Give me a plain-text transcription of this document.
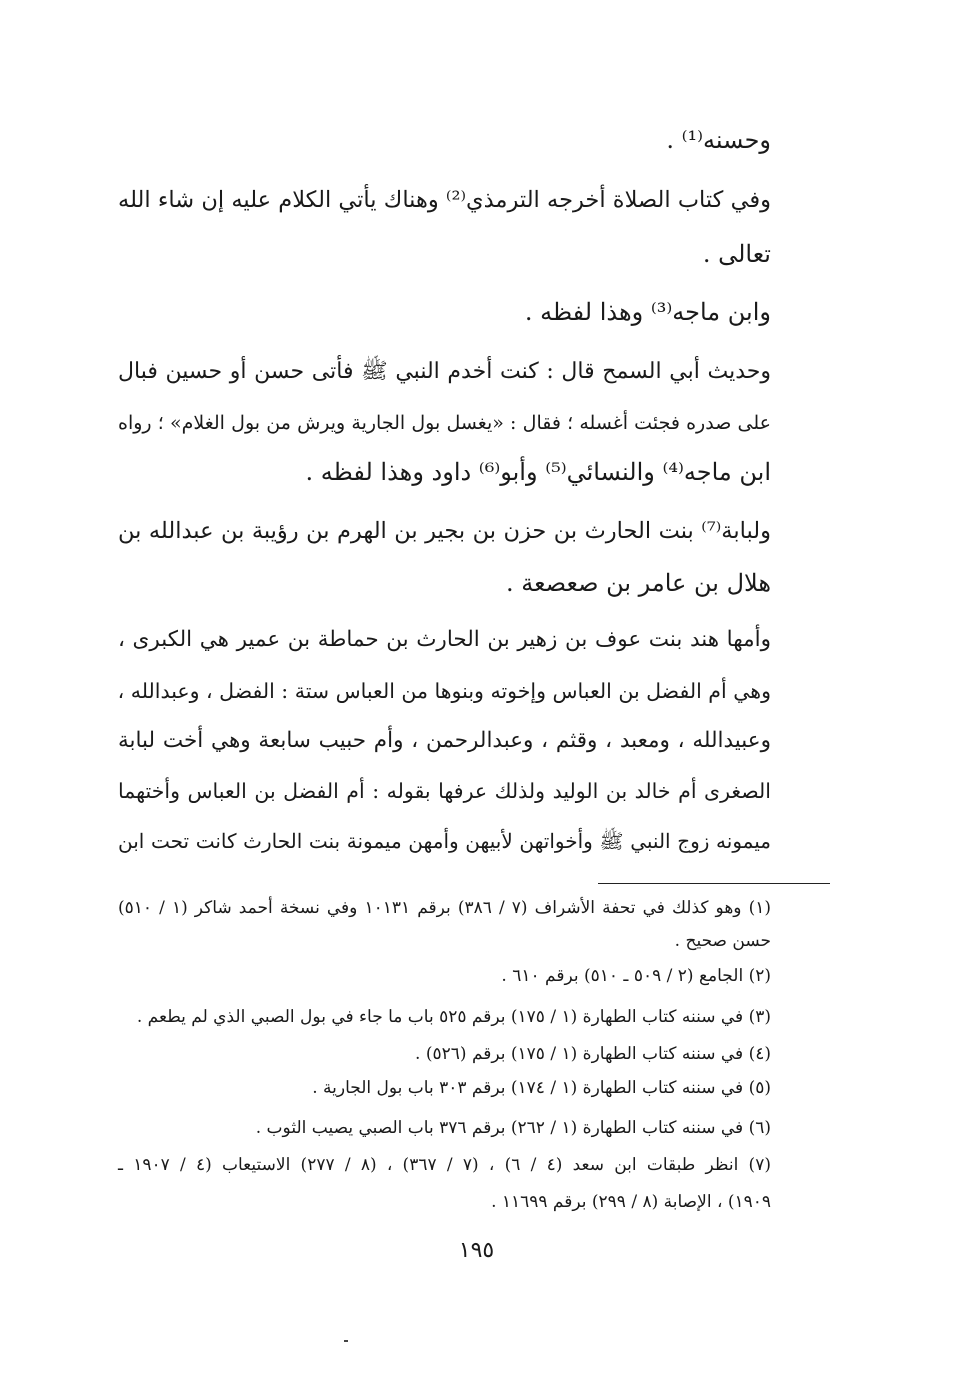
وحسنه⁽¹⁾ .
وفي كتاب الصلاة أخرجه الترمذي⁽²⁾ وهناك يأتي الكلام عليه إن شاء الله
تعالى .
وابن ماجه⁽³⁾ وهذا لفظه .
وحديث أبي السمح قال : كنت أخدم النبي ﷺ فأتى حسن أو حسين فبال
على صدره فجئت أغسله ؛ فقال : «يغسل بول الجارية ويرش من بول الغلام» ؛ رواه
ابن ماجه⁽⁴⁾ والنسائي⁽⁵⁾ وأبو⁽⁶⁾ داود وهذا لفظه .
ولبابة⁽⁷⁾ بنت الحارث بن حزن بن بجير بن الهرم بن رؤيبة بن عبدالله بن
هلال بن عامر بن صعصعة .
وأمها هند بنت عوف بن زهير بن الحارث بن حماطة بن عمير هي الكبرى ،
وهي أم الفضل بن العباس وإخوته وبنوها من العباس ستة : الفضل ، وعبدالله ،
وعبيدالله ، ومعبد ، وقثم ، وعبدالرحمن ، وأم حبيب سابعة وهي أخت لبابة
الصغرى أم خالد بن الوليد ولذلك عرفها بقوله : أم الفضل بن العباس وأختهما
ميمونه زوج النبي ﷺ وأخواتهن لأبيهن وأمهن ميمونة بنت الحارث كانت تحت ابن
(١) وهو كذلك في تحفة الأشراف (٧ / ٣٨٦) برقم ١٠١٣١ وفي نسخة أحمد شاكر (١ / ٥١٠)
حسن صحيح .
(٢) الجامع (٢ / ٥٠٩ ـ ٥١٠) برقم ٦١٠ .
(٣) في سننه كتاب الطهارة (١ / ١٧٥) برقم ٥٢٥ باب ما جاء في بول الصبي الذي لم يطعم .
(٤) في سننه كتاب الطهارة (١ / ١٧٥) برقم (٥٢٦) .
(٥) في سننه كتاب الطهارة (١ / ١٧٤) برقم ٣٠٣ باب بول الجارية .
(٦) في سننه كتاب الطهارة (١ / ٢٦٢) برقم ٣٧٦ باب الصبي يصيب الثوب .
(٧) انظر طبقات ابن سعد (٤ / ٦) ، (٧ / ٣٦٧) ، (٨ / ٢٧٧) الاستيعاب (٤ / ١٩٠٧ ـ
١٩٠٩) ، الإصابة (٨ / ٢٩٩) برقم ١١٦٩٩ .
١٩٥
